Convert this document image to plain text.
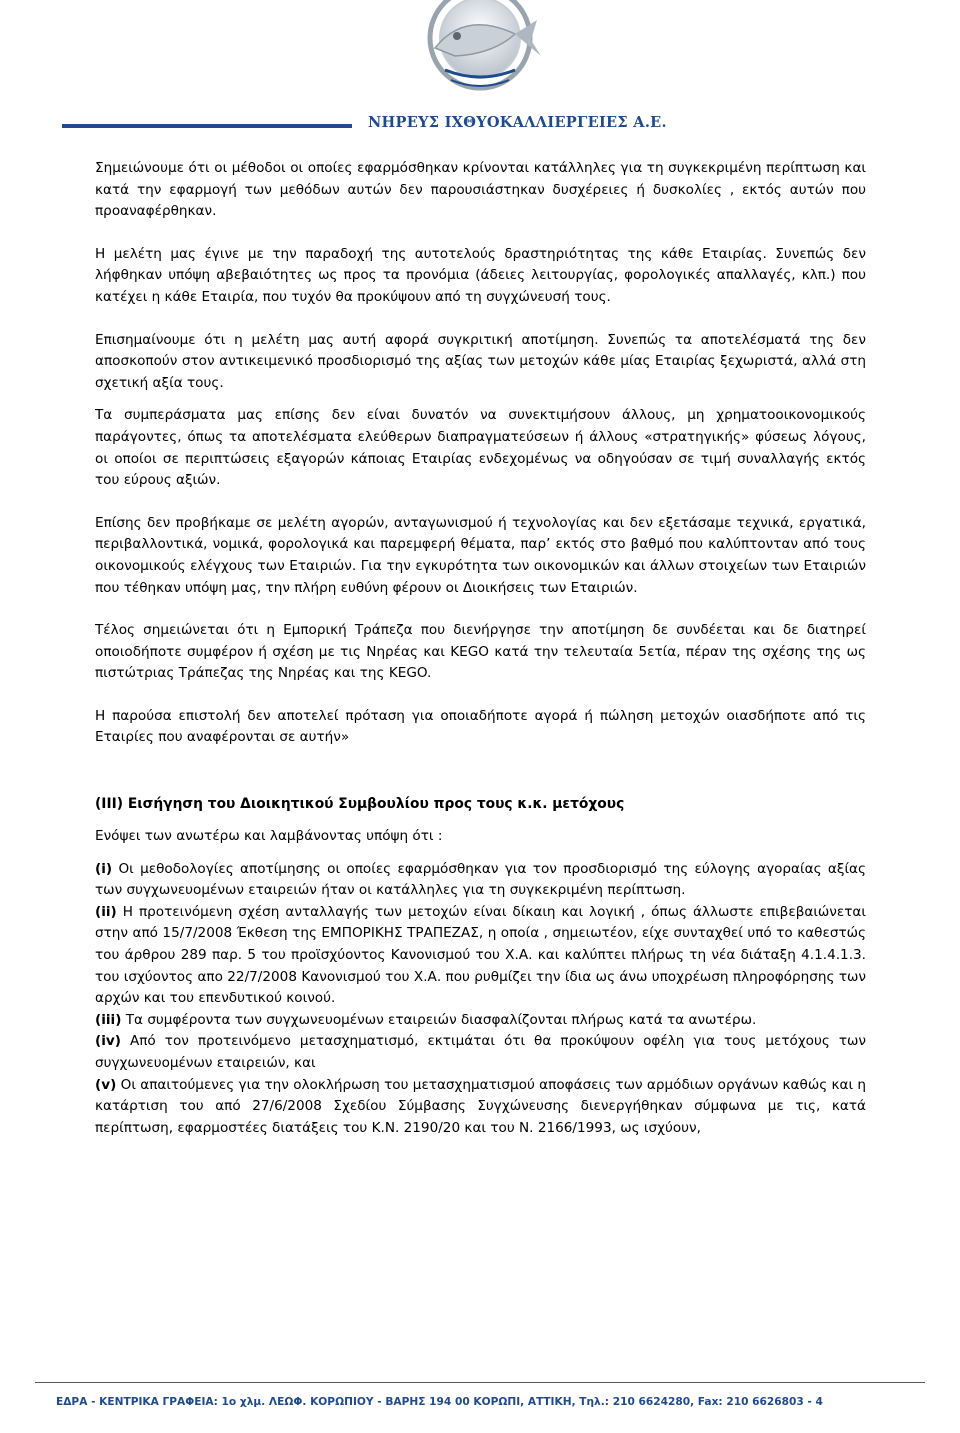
ΝΗΡΕΥΣ ΙΧΘΥΟΚΑΛΛΙΕΡΓΕΙΕΣ Α.Ε.

Σημειώνουμε ότι οι μέθοδοι οι οποίες εφαρμόσθηκαν κρίνονται κατάλληλες για τη συγκεκριμένη περίπτωση και κατά την εφαρμογή των μεθόδων αυτών δεν παρουσιάστηκαν δυσχέρειες ή δυσκολίες , εκτός αυτών που προαναφέρθηκαν.

Η μελέτη μας έγινε με την παραδοχή της αυτοτελούς δραστηριότητας της κάθε Εταιρίας. Συνεπώς δεν λήφθηκαν υπόψη αβεβαιότητες ως προς τα προνόμια (άδειες λειτουργίας, φορολογικές απαλλαγές, κλπ.) που κατέχει η κάθε Εταιρία, που τυχόν θα προκύψουν από τη συγχώνευσή τους.

Επισημαίνουμε ότι η μελέτη μας αυτή αφορά συγκριτική αποτίμηση. Συνεπώς τα αποτελέσματά της δεν αποσκοπούν στον αντικειμενικό προσδιορισμό της αξίας των μετοχών κάθε μίας Εταιρίας ξεχωριστά, αλλά στη σχετική αξία τους.

Τα συμπεράσματα μας επίσης δεν είναι δυνατόν να συνεκτιμήσουν άλλους, μη χρηματοοικονομικούς παράγοντες, όπως τα αποτελέσματα ελεύθερων διαπραγματεύσεων ή άλλους «στρατηγικής» φύσεως λόγους, οι οποίοι σε περιπτώσεις εξαγορών κάποιας Εταιρίας ενδεχομένως να οδηγούσαν σε τιμή συναλλαγής εκτός του εύρους αξιών.

Επίσης δεν προβήκαμε σε μελέτη αγορών, ανταγωνισμού ή τεχνολογίας και δεν εξετάσαμε τεχνικά, εργατικά, περιβαλλοντικά, νομικά, φορολογικά και παρεμφερή θέματα, παρ’ εκτός στο βαθμό που καλύπτονταν από τους οικονομικούς ελέγχους των Εταιριών. Για την εγκυρότητα των οικονομικών και άλλων στοιχείων των Εταιριών που τέθηκαν υπόψη μας, την πλήρη ευθύνη φέρουν οι Διοικήσεις των Εταιριών.

Τέλος σημειώνεται ότι η Εμπορική Τράπεζα που διενήργησε την αποτίμηση δε συνδέεται και δε διατηρεί οποιοδήποτε συμφέρον ή σχέση με τις Νηρέας και KEGO κατά την τελευταία 5ετία, πέραν της σχέσης της ως πιστώτριας Τράπεζας της Νηρέας και της KEGO.

Η παρούσα επιστολή δεν αποτελεί πρόταση για οποιαδήποτε αγορά ή πώληση μετοχών οιασδήποτε από τις Εταιρίες που αναφέρονται σε αυτήν»

(ΙΙΙ) Εισήγηση του Διοικητικού Συμβουλίου προς τους κ.κ. μετόχους

Ενόψει των ανωτέρω και λαμβάνοντας υπόψη ότι :

(i) Οι μεθοδολογίες αποτίμησης οι οποίες εφαρμόσθηκαν για τον προσδιορισμό της εύλογης αγοραίας αξίας των συγχωνευομένων εταιρειών ήταν οι κατάλληλες για τη συγκεκριμένη περίπτωση.

(ii) Η προτεινόμενη σχέση ανταλλαγής των μετοχών είναι δίκαιη και λογική , όπως άλλωστε επιβεβαιώνεται στην από 15/7/2008 Έκθεση της ΕΜΠΟΡΙΚΗΣ ΤΡΑΠΕΖΑΣ, η οποία , σημειωτέον, είχε συνταχθεί υπό το καθεστώς του άρθρου 289 παρ. 5 του προϊσχύοντος Κανονισμού του Χ.Α. και καλύπτει πλήρως τη νέα διάταξη 4.1.4.1.3. του ισχύοντος απο 22/7/2008 Κανονισμού του Χ.Α. που ρυθμίζει την ίδια ως άνω υποχρέωση πληροφόρησης των αρχών και του επενδυτικού κοινού.

(iii) Τα συμφέροντα των συγχωνευομένων εταιρειών διασφαλίζονται πλήρως κατά τα ανωτέρω.

(iv) Από τον προτεινόμενο μετασχηματισμό, εκτιμάται ότι θα προκύψουν οφέλη για τους μετόχους των συγχωνευομένων εταιρειών, και

(v) Οι απαιτούμενες για την ολοκλήρωση του μετασχηματισμού αποφάσεις των αρμόδιων οργάνων καθώς και η κατάρτιση του από 27/6/2008 Σχεδίου Σύμβασης Συγχώνευσης διενεργήθηκαν σύμφωνα με τις, κατά περίπτωση, εφαρμοστέες διατάξεις του Κ.Ν. 2190/20 και του Ν. 2166/1993, ως ισχύουν,

ΕΔΡΑ - ΚΕΝΤΡΙΚΑ ΓΡΑΦΕΙΑ: 1ο χλμ. ΛΕΩΦ. ΚΟΡΩΠΙΟΥ - ΒΑΡΗΣ 194 00 ΚΟΡΩΠΙ, ΑΤΤΙΚΗ, Τηλ.: 210 6624280, Fax: 210 6626803 - 4
